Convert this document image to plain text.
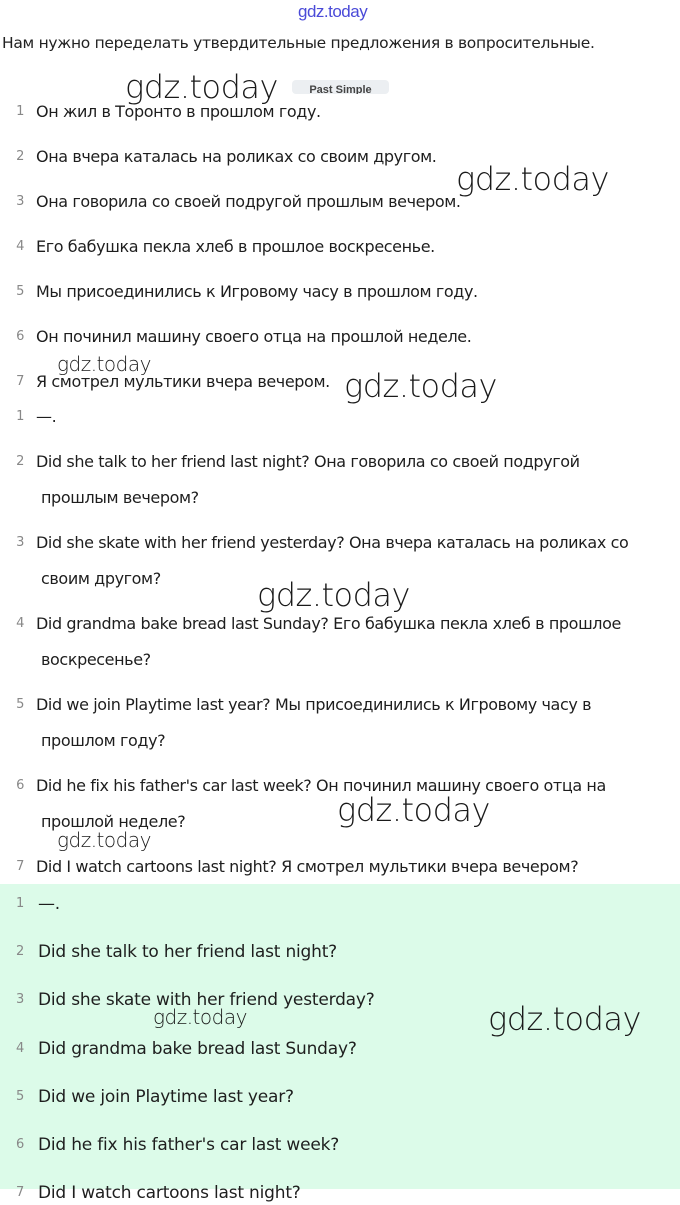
gdz.today
Нам нужно переделать утвердительные предложения в вопросительные.
Past Simple
1 Он жил в Торонто в прошлом году.
2 Она вчера каталась на роликах со своим другом.
3 Она говорила со своей подругой прошлым вечером.
4 Его бабушка пекла хлеб в прошлое воскресенье.
5 Мы присоединились к Игровому часу в прошлом году.
6 Он починил машину своего отца на прошлой неделе.
7 Я смотрел мультики вчера вечером.
1 —.
2 Did she talk to her friend last night? Она говорила со своей подругой
прошлым вечером?
3 Did she skate with her friend yesterday? Она вчера каталась на роликах со
своим другом?
4 Did grandma bake bread last Sunday? Его бабушка пекла хлеб в прошлое
воскресенье?
5 Did we join Playtime last year? Мы присоединились к Игровому часу в
прошлом году?
6 Did he fix his father's car last week? Он починил машину своего отца на
прошлой неделе?
7 Did I watch cartoons last night? Я смотрел мультики вчера вечером?
1 —.
2 Did she talk to her friend last night?
3 Did she skate with her friend yesterday?
4 Did grandma bake bread last Sunday?
5 Did we join Playtime last year?
6 Did he fix his father's car last week?
7 Did I watch cartoons last night?
gdz.today
gdz.today
gdz.today
gdz.today
gdz.today
gdz.today
gdz.today
gdz.today	gdz.today
